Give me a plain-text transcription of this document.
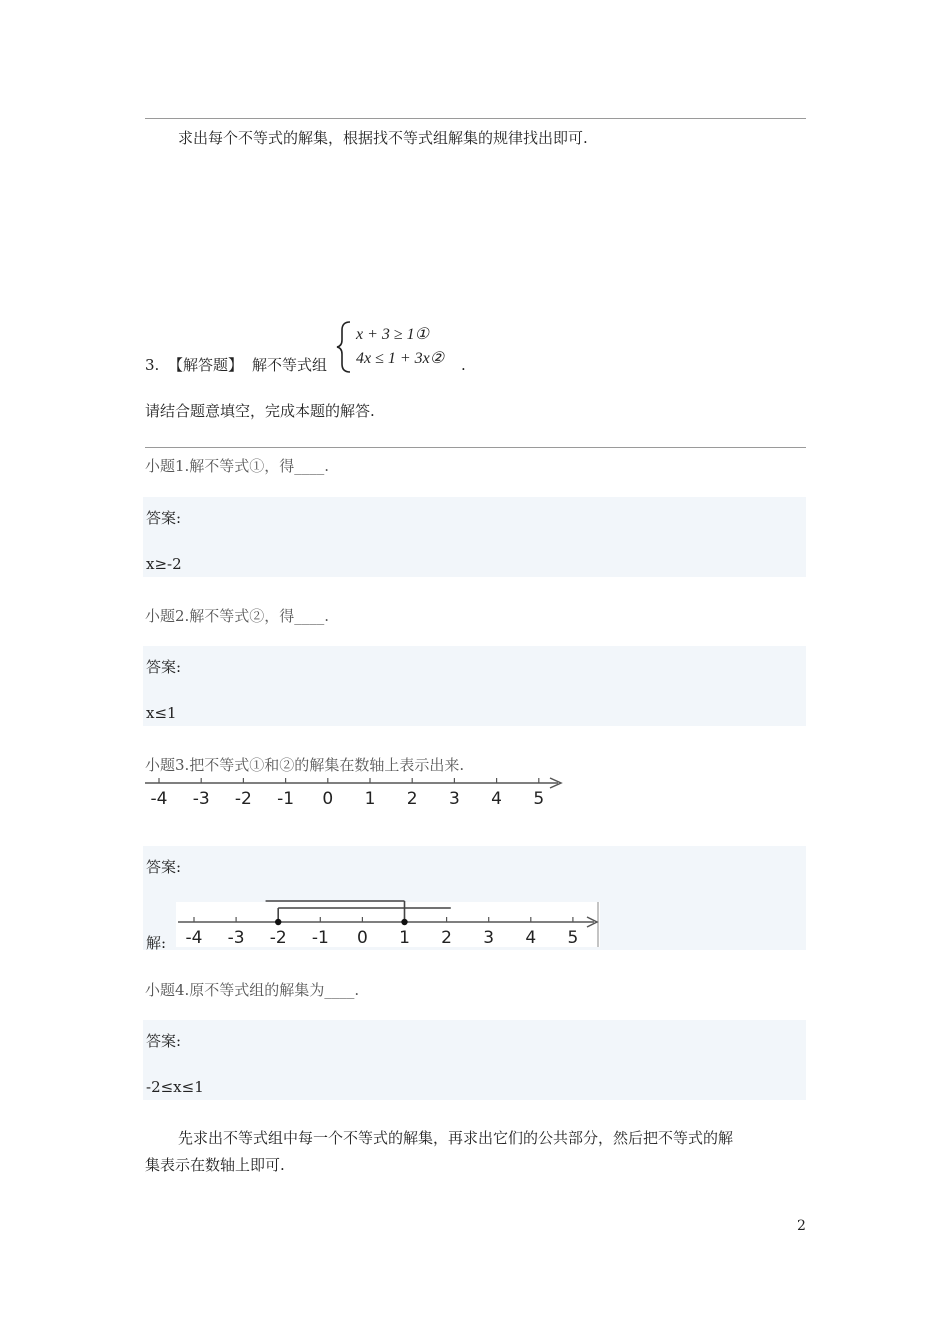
求出每个不等式的解集，根据找不等式组解集的规律找出即可.
3. 【解答题】 解不等式组
x + 3 ≥ 1①
4x ≤ 1 + 3x② .
请结合题意填空，完成本题的解答.
小题1.解不等式①，得____.
答案:
x≥-2
小题2.解不等式②，得____.
答案:
x≤1
小题3.把不等式①和②的解集在数轴上表示出来.
-4 -3 -2 -1 0 1 2 3 4 5
答案:
解: -4 -3 -2 -1 0 1 2 3 4 5
小题4.原不等式组的解集为____.
答案:
-2≤x≤1
先求出不等式组中每一个不等式的解集，再求出它们的公共部分，然后把不等式的解
集表示在数轴上即可.
2
